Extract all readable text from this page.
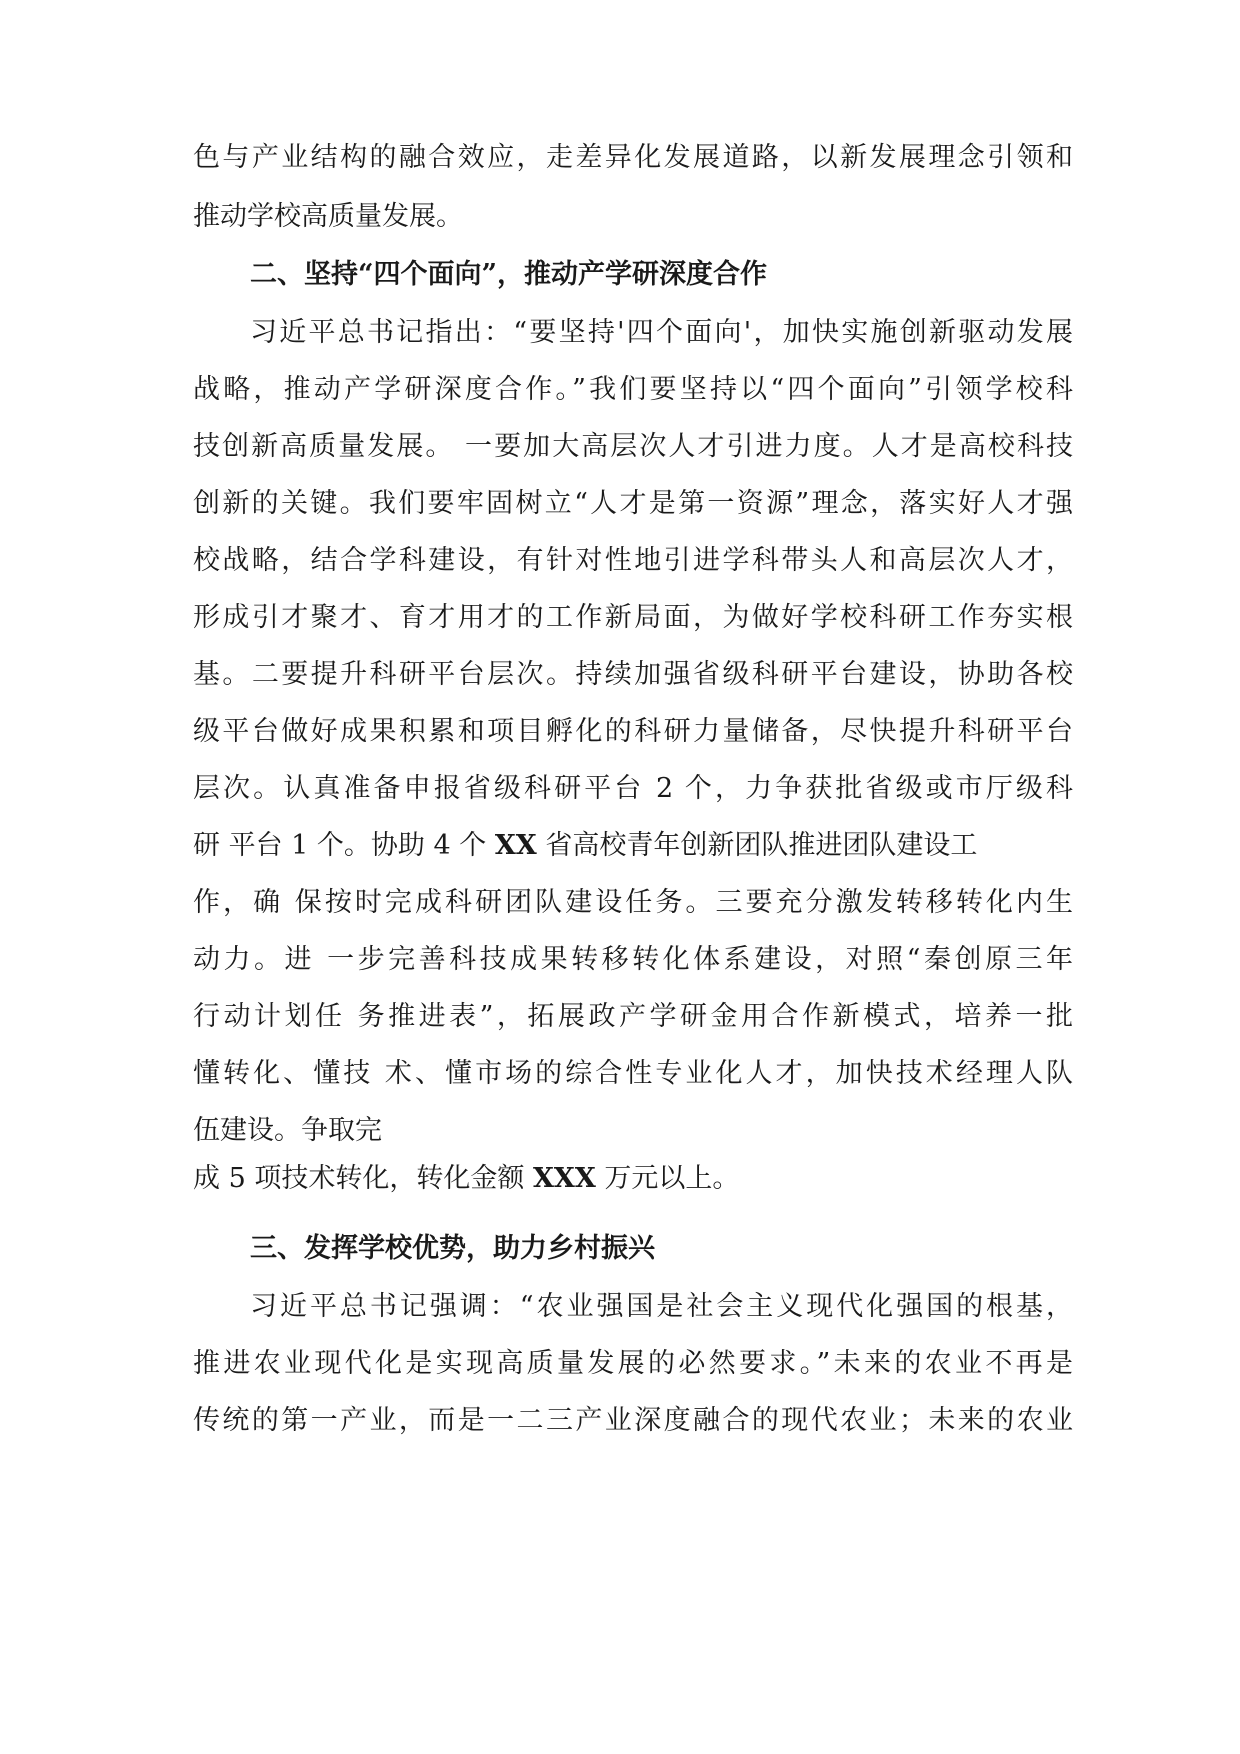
色与产业结构的融合效应，走差异化发展道路，以新发展理念引领和
推动学校高质量发展。
二、坚持“四个面向”，推动产学研深度合作
习近平总书记指出：“要坚持'四个面向'，加快实施创新驱动发展
战略，推动产学研深度合作。”我们要坚持以“四个面向”引领学校科
技创新高质量发展。 一要加大高层次人才引进力度。人才是高校科技
创新的关键。我们要牢固树立“人才是第一资源”理念，落实好人才强
校战略，结合学科建设，有针对性地引进学科带头人和高层次人才，
形成引才聚才、育才用才的工作新局面，为做好学校科研工作夯实根
基。二要提升科研平台层次。持续加强省级科研平台建设，协助各校
级平台做好成果积累和项目孵化的科研力量储备，尽快提升科研平台
层次。认真准备申报省级科研平台 2 个，力争获批省级或市厅级科
研 平台 1 个。协助 4 个 XX 省高校青年创新团队推进团队建设工
作，确 保按时完成科研团队建设任务。三要充分激发转移转化内生
动力。进 一步完善科技成果转移转化体系建设，对照“秦创原三年
行动计划任 务推进表”，拓展政产学研金用合作新模式，培养一批
懂转化、懂技 术、懂市场的综合性专业化人才，加快技术经理人队
伍建设。争取完
成 5 项技术转化，转化金额 XXX 万元以上。
三、发挥学校优势，助力乡村振兴
习近平总书记强调：“农业强国是社会主义现代化强国的根基，
推进农业现代化是实现高质量发展的必然要求。”未来的农业不再是
传统的第一产业，而是一二三产业深度融合的现代农业；未来的农业
